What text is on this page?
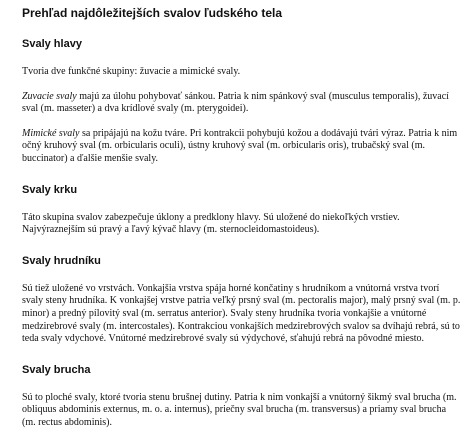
Prehľad najdôležitejších svalov ľudského tela
Svaly hlavy

Tvoria dve funkčné skupiny: žuvacie a mimické svaly.

Zuvacie svaly majú za úlohu pohybovať sánkou. Patria k nim spánkový sval (musculus temporalis), žuvací sval (m. masseter) a dva krídlové svaly (m. pterygoidei).

Mimické svaly sa pripájajú na kožu tváre. Pri kontrakcii pohybujú kožou a dodávajú tvári výraz. Patria k nim očný kruhový sval (m. orbicularis oculi), ústny kruhový sval (m. orbicularis oris), trubačský sval (m. buccinator) a ďalšie menšie svaly.

Svaly krku

Táto skupina svalov zabezpečuje úklony a predklony hlavy. Sú uložené do niekoľkých vrstiev. Najvýraznejším sú pravý a ľavý kývač hlavy (m. sternocleidomastoideus).

Svaly hrudníku

Sú tiež uložené vo vrstvách. Vonkajšia vrstva spája horné končatiny s hrudníkom a vnútorná vrstva tvorí svaly steny hrudníka. K vonkajšej vrstve patria veľký prsný sval (m. pectoralis major), malý prsný sval (m. p. minor) a predný pílovitý sval (m. serratus anterior). Svaly steny hrudníka tvoria vonkajšie a vnútorné medzirebrové svaly (m. intercostales). Kontrakciou vonkajších medzirebrových svalov sa dvíhajú rebrá, sú to teda svaly vdychové. Vnútorné medzirebrové svaly sú výdychové, sťahujú rebrá na pôvodné miesto.

Svaly brucha

Sú to ploché svaly, ktoré tvoria stenu brušnej dutiny. Patria k nim vonkajší a vnútorný šikmý sval brucha (m. obliquus abdominis externus, m. o. a. internus), priečny sval brucha (m. transversus) a priamy sval brucha (m. rectus abdominis).
